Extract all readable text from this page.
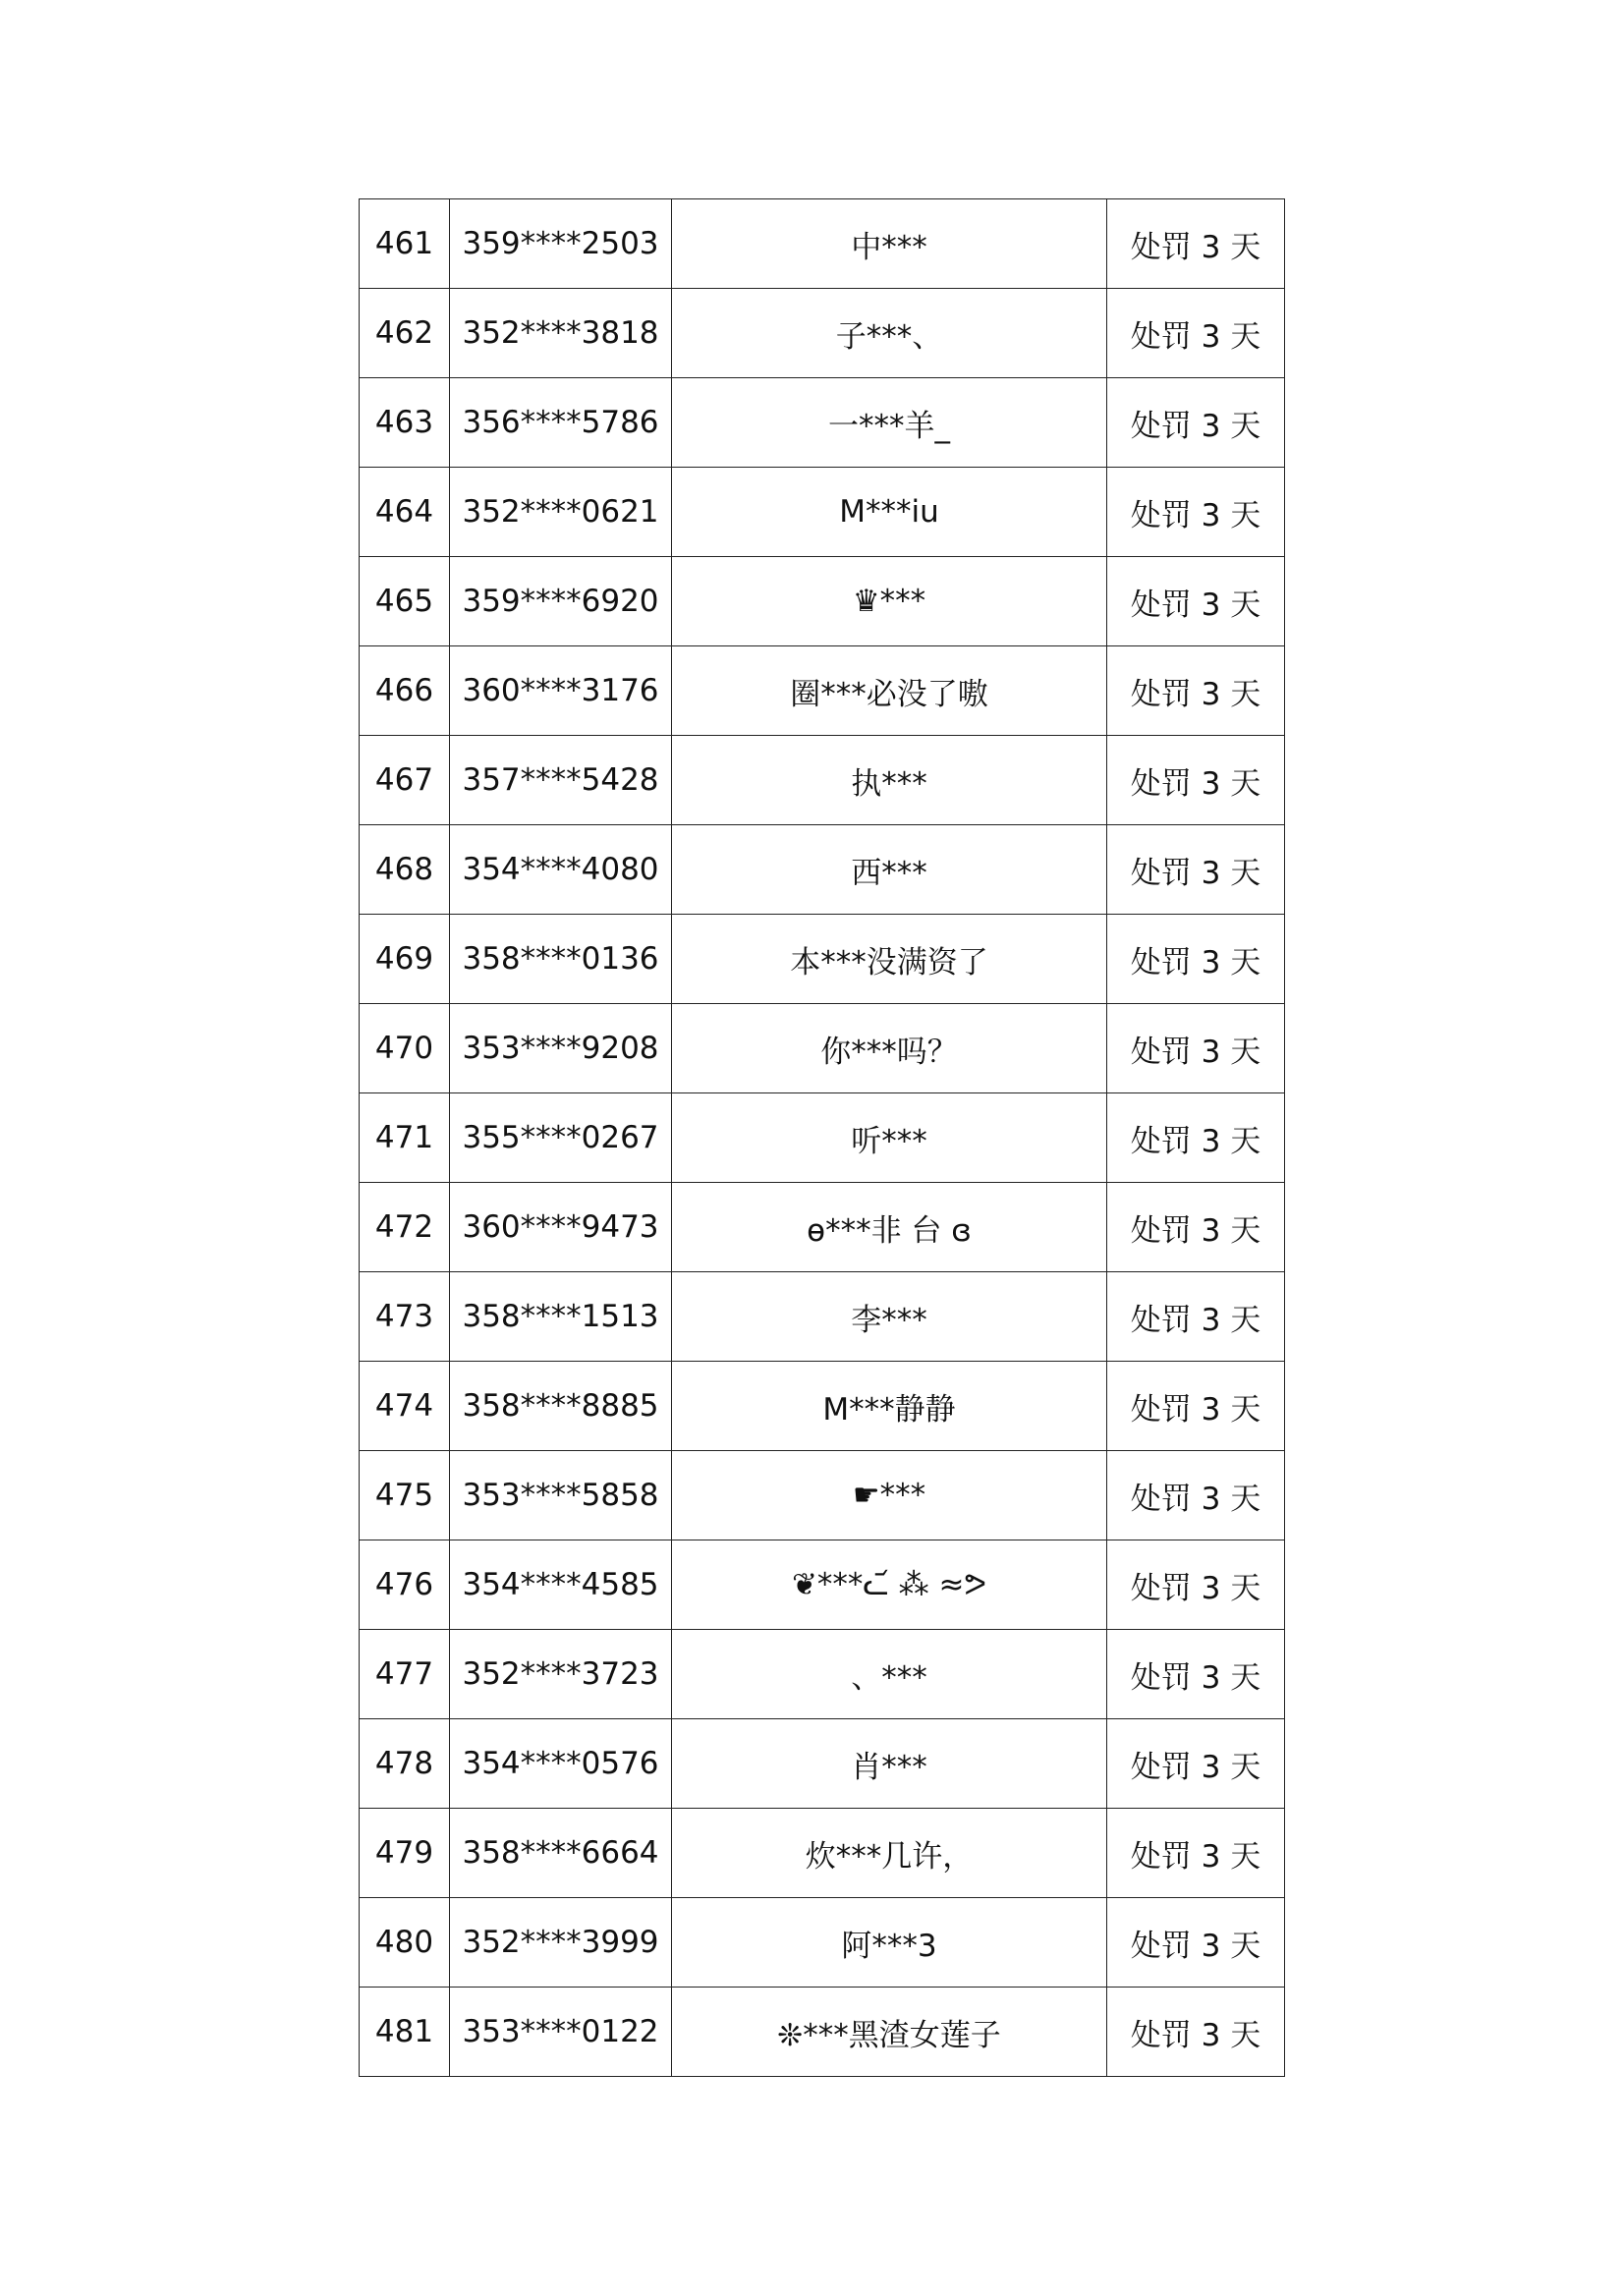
461	359****2503	中***	处罚 3 天
462	352****3818	子***、	处罚 3 天
463	356****5786	一***羊_	处罚 3 天
464	352****0621	M***iu	处罚 3 天
465	359****6920	♛***	处罚 3 天
466	360****3176	圈***必没了嗷	处罚 3 天
467	357****5428	执***	处罚 3 天
468	354****4080	西***	处罚 3 天
469	358****0136	本***没满资了	处罚 3 天
470	353****9208	你***吗？	处罚 3 天
471	355****0267	听***	处罚 3 天
472	360****9473	ɵ***非 台 ɞ	处罚 3 天
473	358****1513	李***	处罚 3 天
474	358****8885	M***静静	处罚 3 天
475	353****5858	☛***	处罚 3 天
476	354****4585	❦***ᓚ᷄ ⁂ ≈ᕗ	处罚 3 天
477	352****3723	、***	处罚 3 天
478	354****0576	肖***	处罚 3 天
479	358****6664	炊***几许，	处罚 3 天
480	352****3999	阿***3	处罚 3 天
481	353****0122	❊***黑渣女莲子	处罚 3 天
